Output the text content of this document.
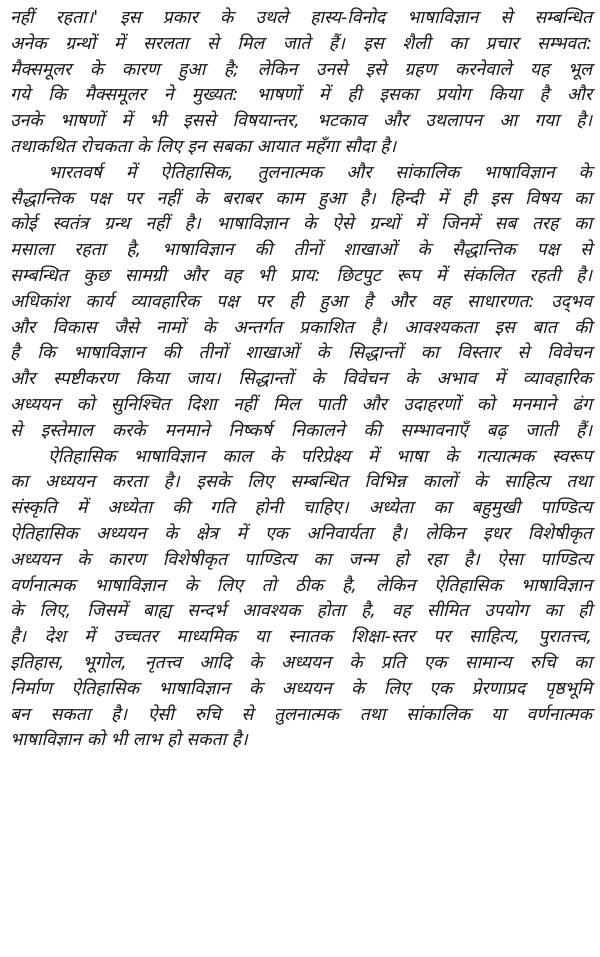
नहीं रहता।' इस प्रकार के उथले हास्य-विनोद भाषाविज्ञान से सम्बन्धित
अनेक ग्रन्थों में सरलता से मिल जाते हैं। इस शैली का प्रचार सम्भवत:
मैक्समूलर के कारण हुआ है; लेकिन उनसे इसे ग्रहण करनेवाले यह भूल
गये कि मैक्समूलर ने मुख्यत: भाषणों में ही इसका प्रयोग किया है और
उनके भाषणों में भी इससे विषयान्तर, भटकाव और उथलापन आ गया है।
तथाकथित रोचकता के लिए इन सबका आयात महँगा सौदा है।
भारतवर्ष में ऐतिहासिक, तुलनात्मक और सांकालिक भाषाविज्ञान के
सैद्धान्तिक पक्ष पर नहीं के बराबर काम हुआ है। हिन्दी में ही इस विषय का
कोई स्वतंत्र ग्रन्थ नहीं है। भाषाविज्ञान के ऐसे ग्रन्थों में जिनमें सब तरह का
मसाला रहता है, भाषाविज्ञान की तीनों शाखाओं के सैद्धान्तिक पक्ष से
सम्बन्धित कुछ सामग्री और वह भी प्राय: छिटपुट रूप में संकलित रहती है।
अधिकांश कार्य व्यावहारिक पक्ष पर ही हुआ है और वह साधारणत: उद्‌भव
और विकास जैसे नामों के अन्तर्गत प्रकाशित है। आवश्यकता इस बात की
है कि भाषाविज्ञान की तीनों शाखाओं के सिद्धान्तों का विस्तार से विवेचन
और स्पष्टीकरण किया जाय। सिद्धान्तों के विवेचन के अभाव में व्यावहारिक
अध्ययन को सुनिश्चित दिशा नहीं मिल पाती और उदाहरणों को मनमाने ढंग
से इस्तेमाल करके मनमाने निष्कर्ष निकालने की सम्भावनाएँ बढ़ जाती हैं।
ऐतिहासिक भाषाविज्ञान काल के परिप्रेक्ष्य में भाषा के गत्यात्मक स्वरूप
का अध्ययन करता है। इसके लिए सम्बन्धित विभिन्न कालों के साहित्य तथा
संस्कृति में अध्येता की गति होनी चाहिए। अध्येता का बहुमुखी पाण्डित्य
ऐतिहासिक अध्ययन के क्षेत्र में एक अनिवार्यता है। लेकिन इधर विशेषीकृत
अध्ययन के कारण विशेषीकृत पाण्डित्य का जन्म हो रहा है। ऐसा पाण्डित्य
वर्णनात्मक भाषाविज्ञान के लिए तो ठीक है, लेकिन ऐतिहासिक भाषाविज्ञान
के लिए, जिसमें बाह्य सन्दर्भ आवश्यक होता है, वह सीमित उपयोग का ही
है। देश में उच्चतर माध्यमिक या स्नातक शिक्षा-स्तर पर साहित्य, पुरातत्त्व,
इतिहास, भूगोल, नृतत्त्व आदि के अध्ययन के प्रति एक सामान्य रुचि का
निर्माण ऐतिहासिक भाषाविज्ञान के अध्ययन के लिए एक प्रेरणाप्रद पृष्ठभूमि
बन सकता है। ऐसी रुचि से तुलनात्मक तथा सांकालिक या वर्णनात्मक
भाषाविज्ञान को भी लाभ हो सकता है।
